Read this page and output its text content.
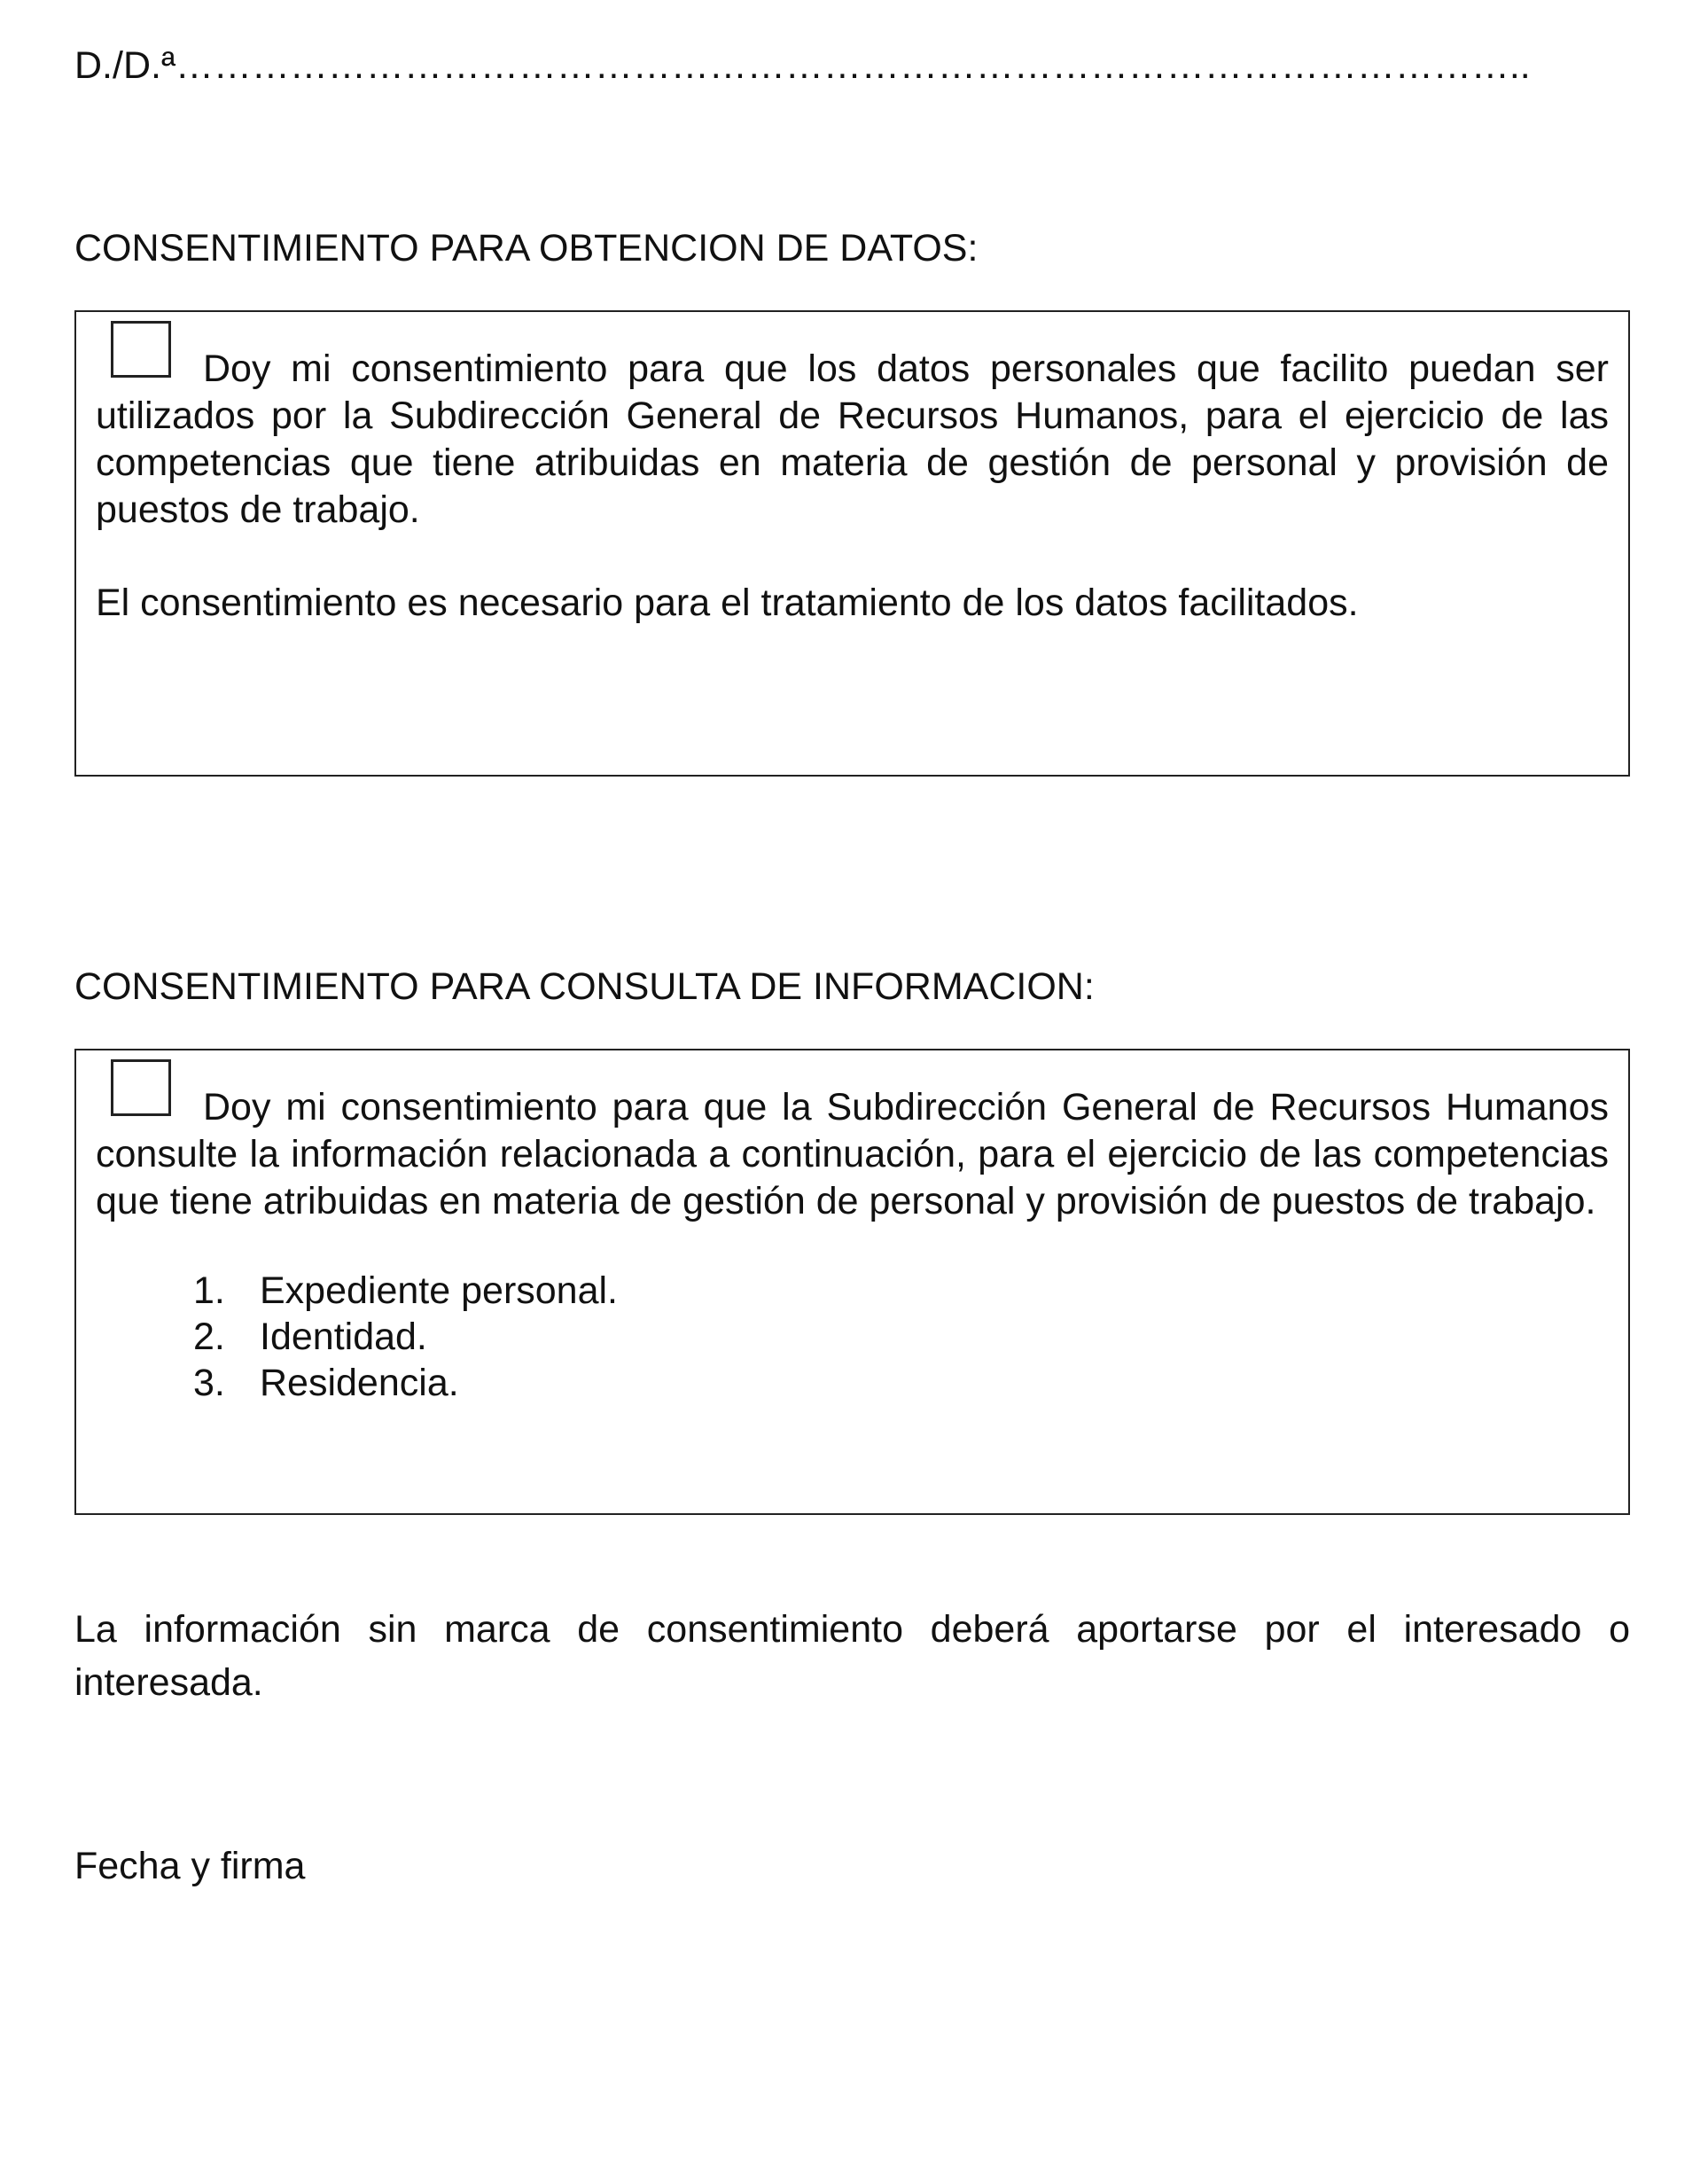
D./D.ª……………………………………………………………………………………………..
CONSENTIMIENTO PARA OBTENCION DE DATOS:

Doy mi consentimiento para que los datos personales que facilito puedan ser utilizados por la Subdirección General de Recursos Humanos, para el ejercicio de las competencias que tiene atribuidas en materia de gestión de personal y provisión de puestos de trabajo.

El consentimiento es necesario para el tratamiento de los datos facilitados.

CONSENTIMIENTO PARA CONSULTA DE INFORMACION:

Doy mi consentimiento para que la Subdirección General de Recursos Humanos consulte la información relacionada a continuación, para el ejercicio de las competencias que tiene atribuidas en materia de gestión de personal y provisión de puestos de trabajo.

1. Expediente personal.
2. Identidad.
3. Residencia.
La información sin marca de consentimiento deberá aportarse por el interesado o interesada.
Fecha y firma
